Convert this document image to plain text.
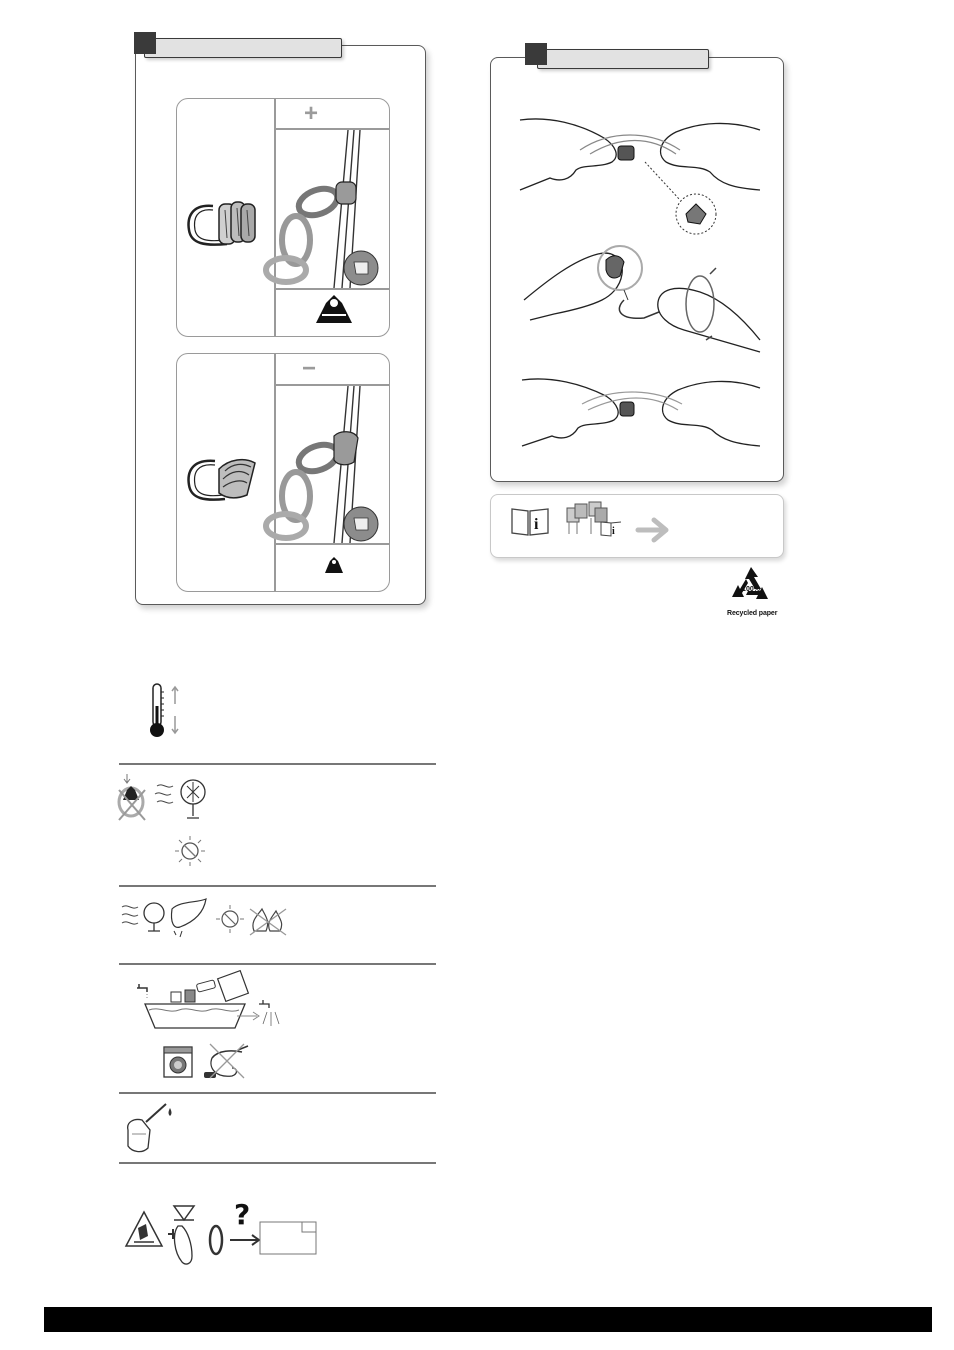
+
−
i	i
100%
Recycled paper
?
